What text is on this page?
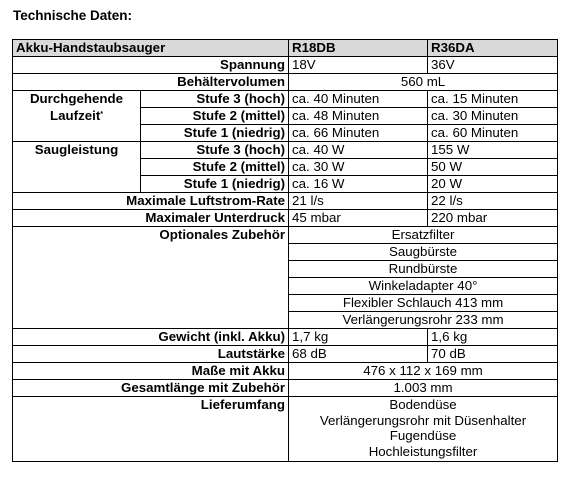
Technische Daten:
Akku-Handstaubsauger		R18DB	R36DA
Spannung		18V	36V
Behältervolumen		560 mL	

Durchgehende
Laufzeit*	Stufe 3 (hoch)	ca. 40 Minuten	ca. 15 Minuten
	Stufe 2 (mittel)	ca. 48 Minuten	ca. 30 Minuten
	Stufe 1 (niedrig)	ca. 66 Minuten	ca. 60 Minuten
Saugleistung	Stufe 3 (hoch)	ca. 40 W	155 W
	Stufe 2 (mittel)	ca. 30 W	50 W
	Stufe 1 (niedrig)	ca. 16 W	20 W
Maximale Luftstrom-Rate		21 l/s	22 l/s
Maximaler Unterdruck		45 mbar	220 mbar
Optionales Zubehör		Ersatzfilter	
		Saugbürste	
		Rundbürste	
		Winkeladapter 40°	
		Flexibler Schlauch 413 mm	
		Verlängerungsrohr 233 mm	
Gewicht (inkl. Akku)		1,7 kg	1,6 kg
Lautstärke		68 dB	70 dB
Maße mit Akku		476 x 112 x 169 mm	
Gesamtlänge mit Zubehör		1.003 mm	
Lieferumfang		Bodendüse
Verlängerungsrohr mit Düsenhalter
Fugendüse
Hochleistungsfilter	
